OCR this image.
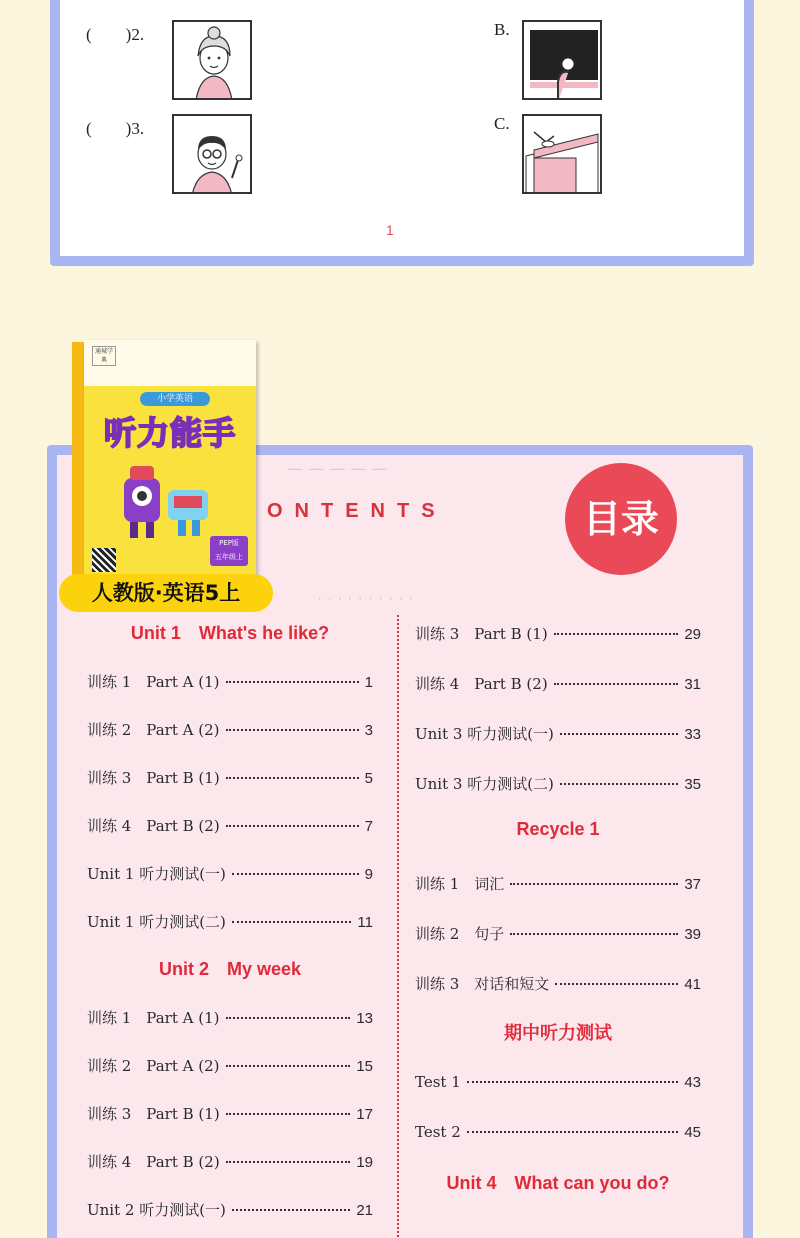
(　　)2.	B.
(　　)3.	C.
1
— — — — —
· · · · · · · · · ·
ONTENTS	目录
Unit 1　What's he like?
训练 1　Part A (1)	1
训练 2　Part A (2)	3
训练 3　Part B (1)	5
训练 4　Part B (2)	7
Unit 1 听力测试(一)	9
Unit 1 听力测试(二)	11
Unit 2　My week
训练 1　Part A (1)	13
训练 2　Part A (2)	15
训练 3　Part B (1)	17
训练 4　Part B (2)	19
Unit 2 听力测试(一)	21
训练 3　Part B (1)	29
训练 4　Part B (2)	31
Unit 3 听力测试(一)	33
Unit 3 听力测试(二)	35
Recycle 1
训练 1　词汇	37
训练 2　句子	39
训练 3　对话和短文	41
期中听力测试
Test 1	43
Test 2	45
Unit 4　What can you do?
通城学典
小学英语
听力能手
PEP版
五年级上
人教版·英语5上
